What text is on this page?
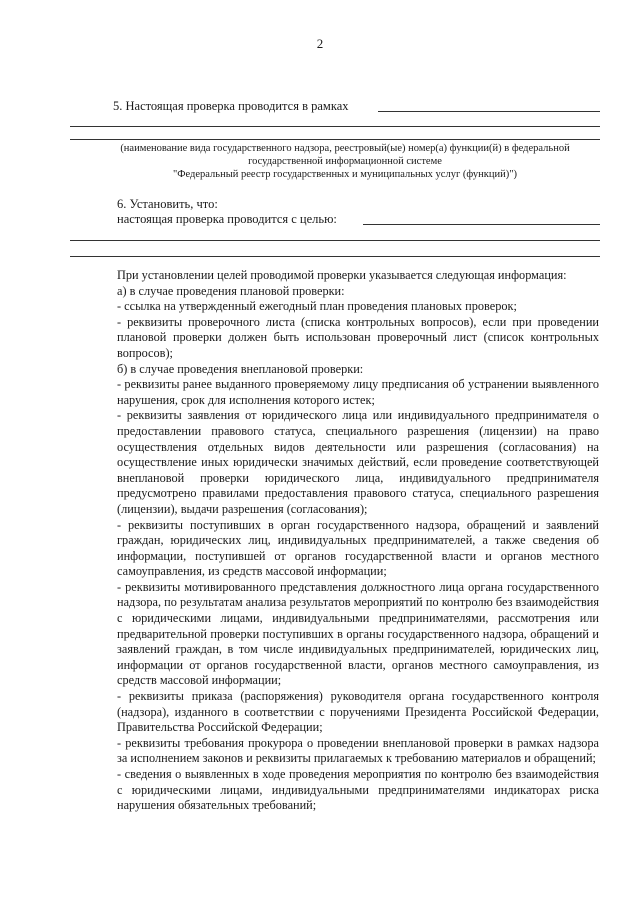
2
5. Настоящая проверка проводится в рамках
(наименование вида государственного надзора, реестровый(ые) номер(а) функции(й) в федеральной
государственной информационной системе
"Федеральный реестр государственных и муниципальных услуг (функций)")
6. Установить, что:
настоящая проверка проводится с целью:

При установлении целей проводимой проверки указывается следующая информация:

а) в случае проведения плановой проверки:

- ссылка на утвержденный ежегодный план проведения плановых проверок;

- реквизиты проверочного листа (списка контрольных вопросов), если при проведении плановой проверки должен быть использован проверочный лист (список контрольных вопросов);

б) в случае проведения внеплановой проверки:

- реквизиты ранее выданного проверяемому лицу предписания об устранении выявленного нарушения, срок для исполнения которого истек;

- реквизиты заявления от юридического лица или индивидуального предпринимателя о предоставлении правового статуса, специального разрешения (лицензии) на право осуществления отдельных видов деятельности или разрешения (согласования) на осуществление иных юридически значимых действий, если проведение соответствующей внеплановой проверки юридического лица, индивидуального предпринимателя предусмотрено правилами предоставления правового статуса, специального разрешения (лицензии), выдачи разрешения (согласования);

- реквизиты поступивших в орган государственного надзора, обращений и заявлений граждан, юридических лиц, индивидуальных предпринимателей, а также сведения об информации, поступившей от органов государственной власти и органов местного самоуправления, из средств массовой информации;

- реквизиты мотивированного представления должностного лица органа государственного надзора, по результатам анализа результатов мероприятий по контролю без взаимодействия с юридическими лицами, индивидуальными предпринимателями, рассмотрения или предварительной проверки поступивших в органы государственного надзора, обращений и заявлений граждан, в том числе индивидуальных предпринимателей, юридических лиц, информации от органов государственной власти, органов местного самоуправления, из средств массовой информации;

- реквизиты приказа (распоряжения) руководителя органа государственного контроля (надзора), изданного в соответствии с поручениями Президента Российской Федерации, Правительства Российской Федерации;

- реквизиты требования прокурора о проведении внеплановой проверки в рамках надзора за исполнением законов и реквизиты прилагаемых к требованию материалов и обращений;

- сведения о выявленных в ходе проведения мероприятия по контролю без взаимодействия с юридическими лицами, индивидуальными предпринимателями индикаторах риска нарушения обязательных требований;
